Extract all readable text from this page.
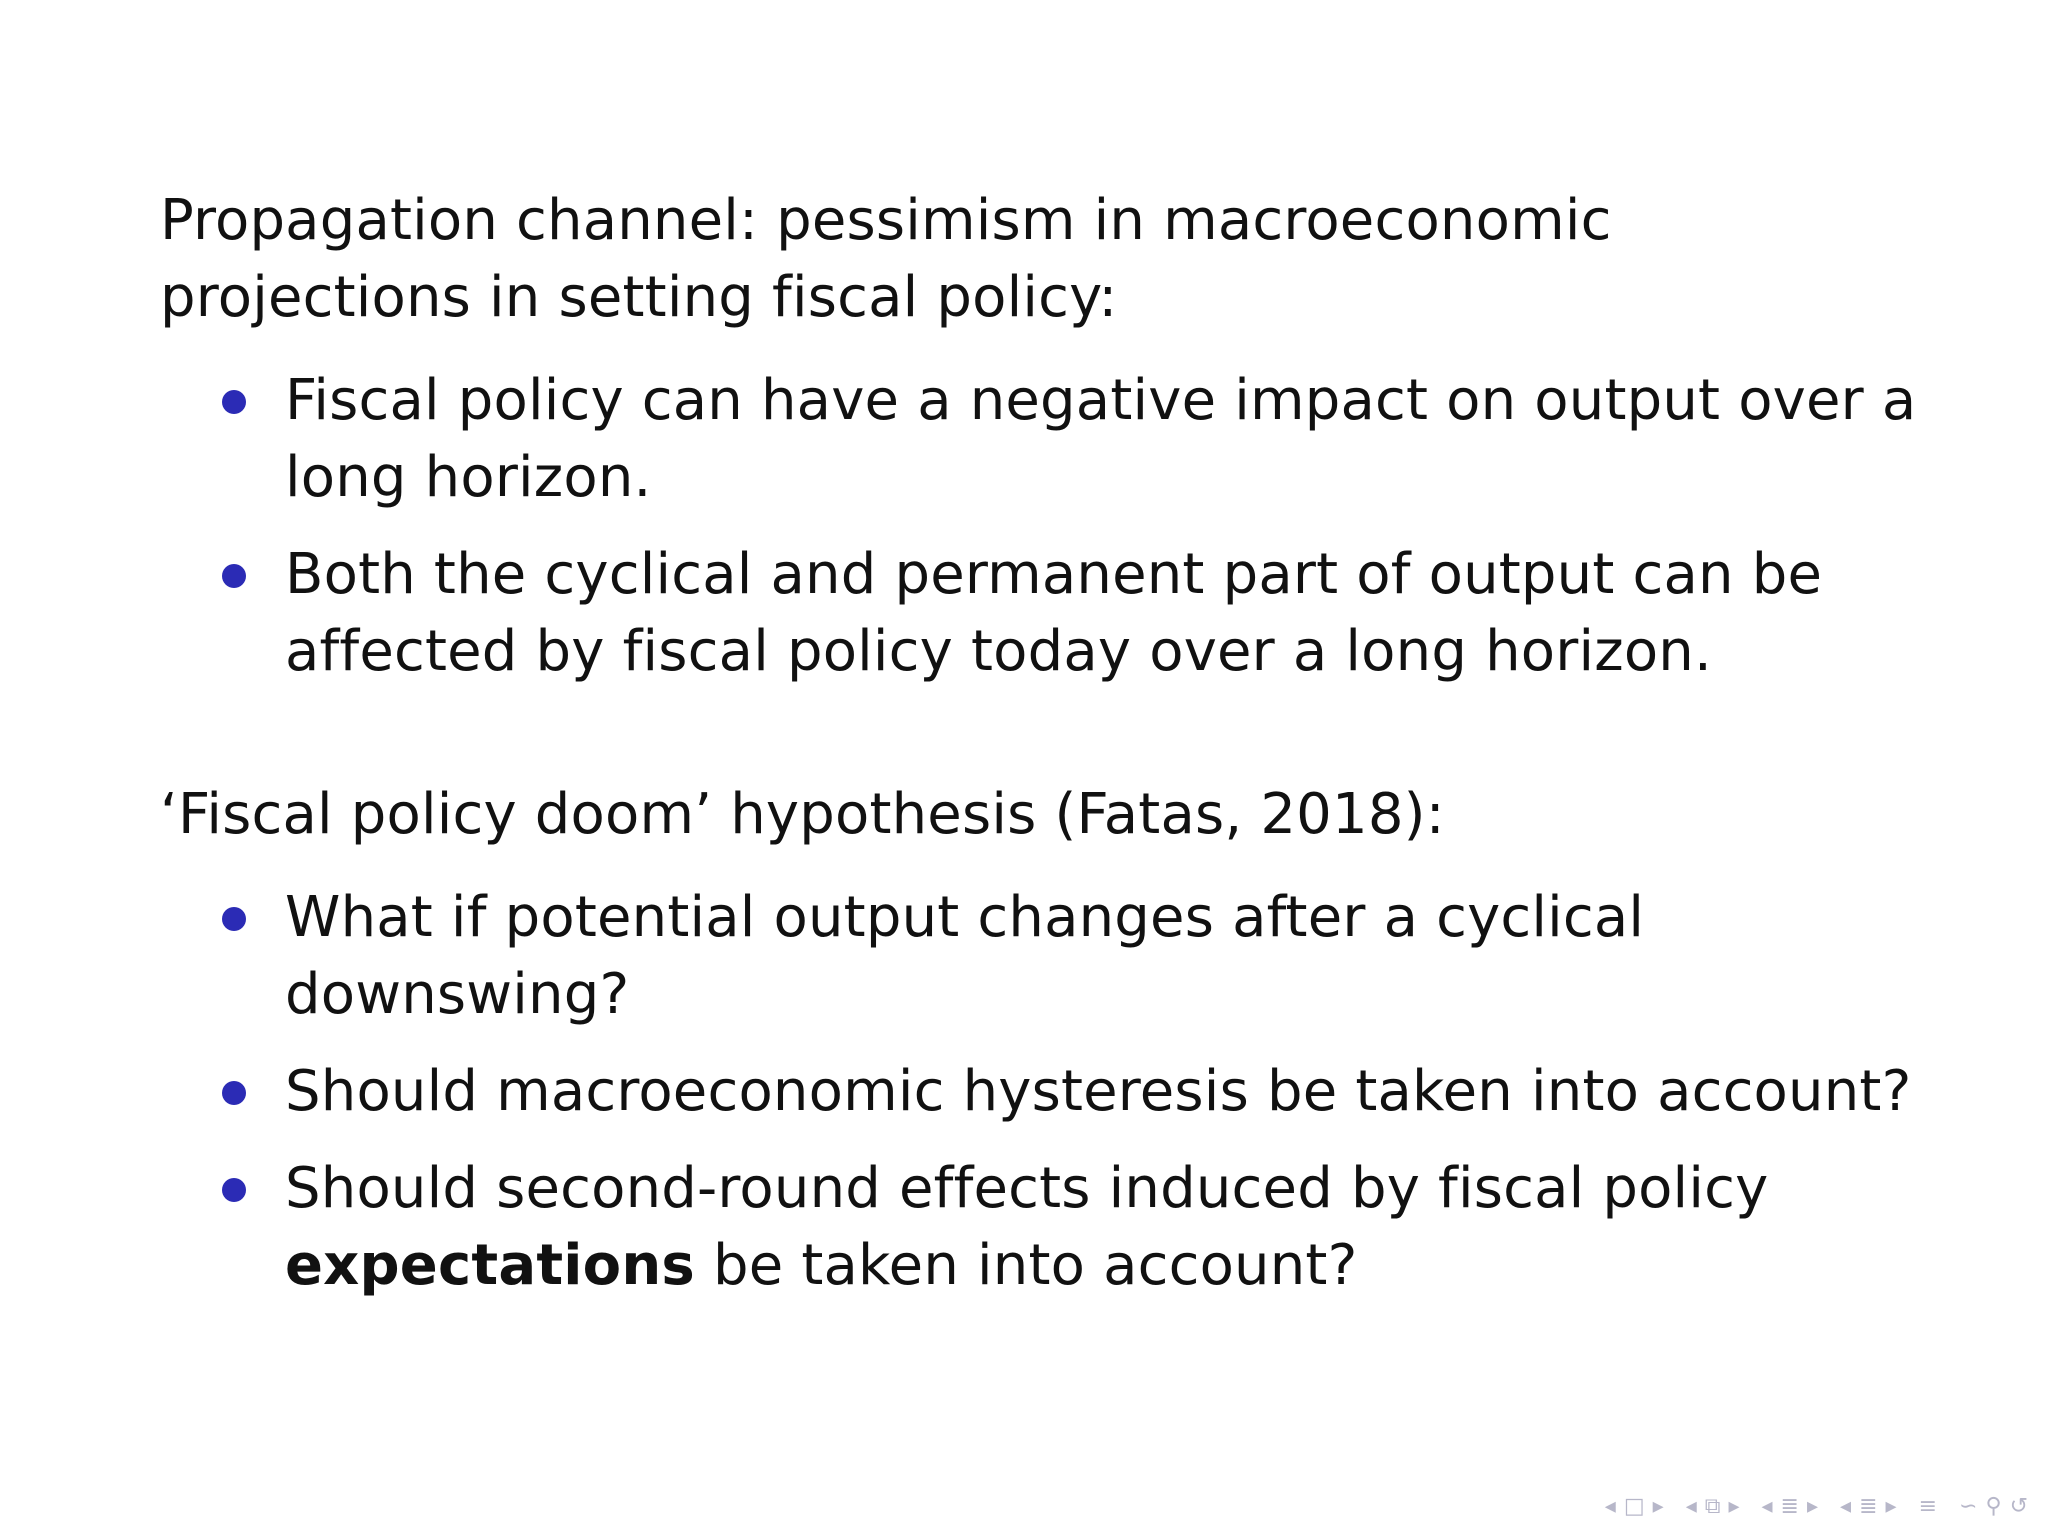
Propagation channel: pessimism in macroeconomic projections in setting fiscal policy:

Fiscal policy can have a negative impact on output over a long horizon.
Both the cyclical and permanent part of output can be affected by fiscal policy today over a long horizon.

‘Fiscal policy doom’ hypothesis (Fatas, 2018):

What if potential output changes after a cyclical downswing?
Should macroeconomic hysteresis be taken into account?
Should second-round effects induced by fiscal policy expectations be taken into account?
◂ □ ▸ ◂ ⧉ ▸ ◂ ≣ ▸ ◂ ≣ ▸ ≡ ∽ ⚲ ↺
